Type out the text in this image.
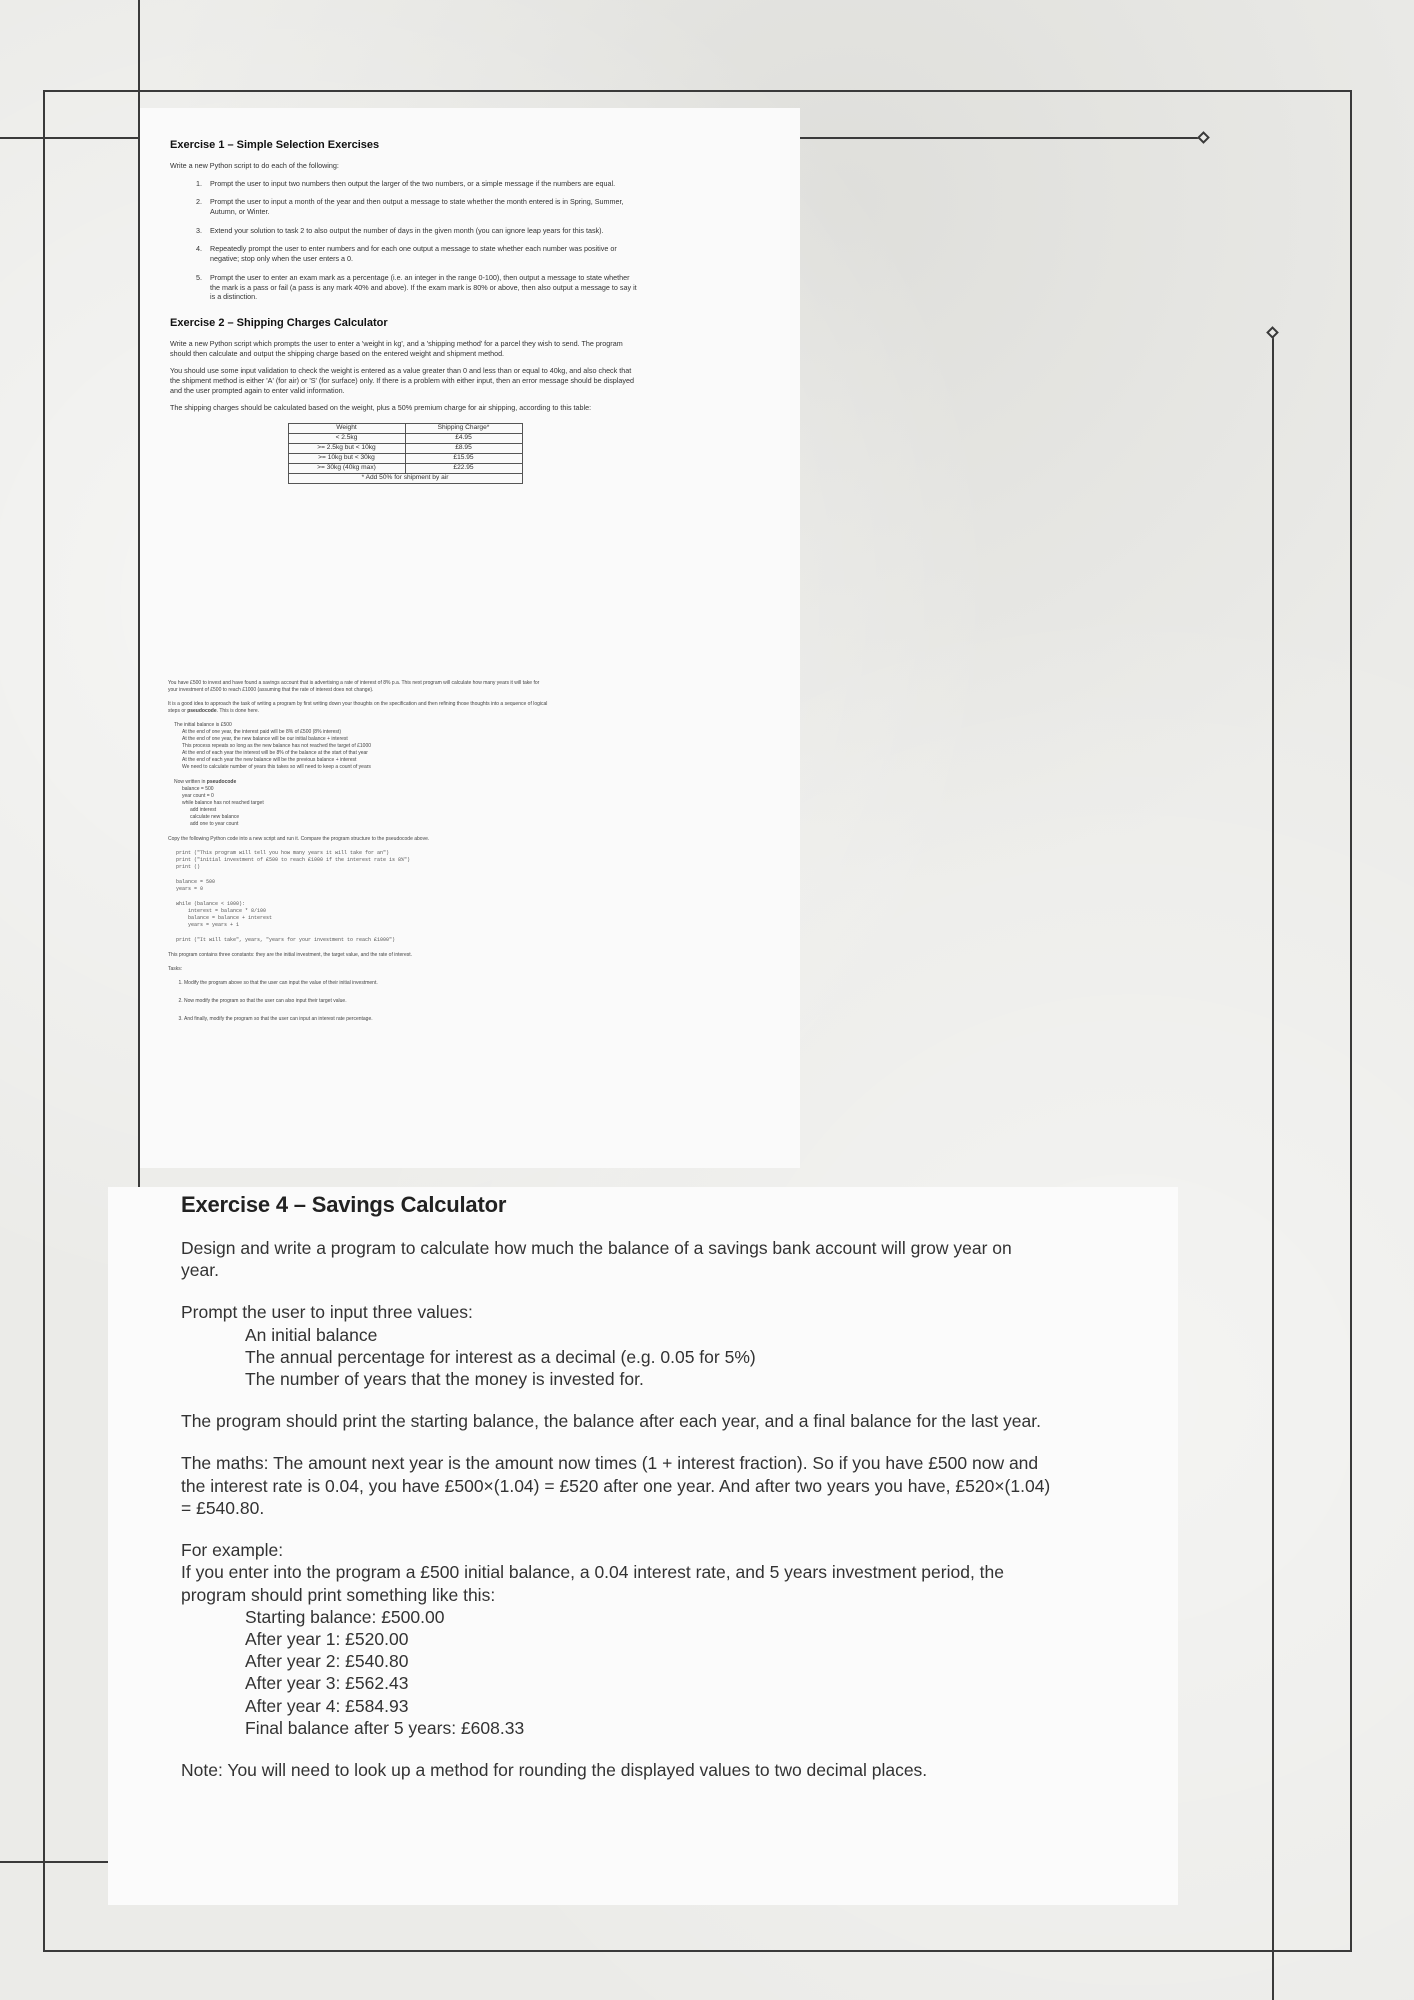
Exercise 1 – Simple Selection Exercises

Write a new Python script to do each of the following:

1. Prompt the user to input two numbers then output the larger of the two numbers, or a simple message if the numbers are equal.
2. Prompt the user to input a month of the year and then output a message to state whether the month entered is in Spring, Summer, Autumn, or Winter.
3. Extend your solution to task 2 to also output the number of days in the given month (you can ignore leap years for this task).
4. Repeatedly prompt the user to enter numbers and for each one output a message to state whether each number was positive or negative; stop only when the user enters a 0.
5. Prompt the user to enter an exam mark as a percentage (i.e. an integer in the range 0-100), then output a message to state whether the mark is a pass or fail (a pass is any mark 40% and above). If the exam mark is 80% or above, then also output a message to say it is a distinction.
Exercise 2 – Shipping Charges Calculator

Write a new Python script which prompts the user to enter a 'weight in kg', and a 'shipping method' for a parcel they wish to send. The program should then calculate and output the shipping charge based on the entered weight and shipment method.

You should use some input validation to check the weight is entered as a value greater than 0 and less than or equal to 40kg, and also check that the shipment method is either 'A' (for air) or 'S' (for surface) only. If there is a problem with either input, then an error message should be displayed and the user prompted again to enter valid information.

The shipping charges should be calculated based on the weight, plus a 50% premium charge for air shipping, according to this table:

Weight	Shipping Charge*
< 2.5kg	£4.95
>= 2.5kg but < 10kg	£8.95
>= 10kg but < 30kg	£15.95
>= 30kg (40kg max)	£22.95
* Add 50% for shipment by air	

You have £500 to invest and have found a savings account that is advertising a rate of interest of 8% p.a. This next program will calculate how many years it will take for your investment of £500 to reach £1000 (assuming that the rate of interest does not change).

It is a good idea to approach the task of writing a program by first writing down your thoughts on the specification and then refining those thoughts into a sequence of logical steps or pseudocode. This is done here.

The initial balance is £500
At the end of one year, the interest paid will be 8% of £500 (8% interest)
At the end of one year, the new balance will be our initial balance + interest
This process repeats so long as the new balance has not reached the target of £1000
At the end of each year the interest will be 8% of the balance at the start of that year
At the end of each year the new balance will be the previous balance + interest
We need to calculate number of years this takes so will need to keep a count of years
Now written in pseudocode
balance = 500
year count = 0
while balance has not reached target
add interest
calculate new balance
add one to year count

Copy the following Python code into a new script and run it. Compare the program structure to the pseudocode above.

print ("This program will tell you how many years it will take for an")
print ("initial investment of £500 to reach £1000 if the interest rate is 8%")
print ()
balance = 500
years = 0
while (balance < 1000):
interest = balance * 8/100
balance = balance + interest
years = years + 1
print ("It will take", years, "years for your investment to reach £1000")

This program contains three constants: they are the initial investment, the target value, and the rate of interest.

Tasks:

1. Modify the program above so that the user can input the value of their initial investment.
2. Now modify the program so that the user can also input their target value.
3. And finally, modify the program so that the user can input an interest rate percentage.
Exercise 4 – Savings Calculator

Design and write a program to calculate how much the balance of a savings bank account will grow year on year.

Prompt the user to input three values:
An initial balance
The annual percentage for interest as a decimal (e.g. 0.05 for 5%)
The number of years that the money is invested for.

The program should print the starting balance, the balance after each year, and a final balance for the last year.

The maths: The amount next year is the amount now times (1 + interest fraction). So if you have £500 now and the interest rate is 0.04, you have £500×(1.04) = £520 after one year. And after two years you have, £520×(1.04) = £540.80.

For example:
If you enter into the program a £500 initial balance, a 0.04 interest rate, and 5 years investment period, the program should print something like this:
Starting balance: £500.00
After year 1: £520.00
After year 2: £540.80
After year 3: £562.43
After year 4: £584.93
Final balance after 5 years: £608.33

Note: You will need to look up a method for rounding the displayed values to two decimal places.
